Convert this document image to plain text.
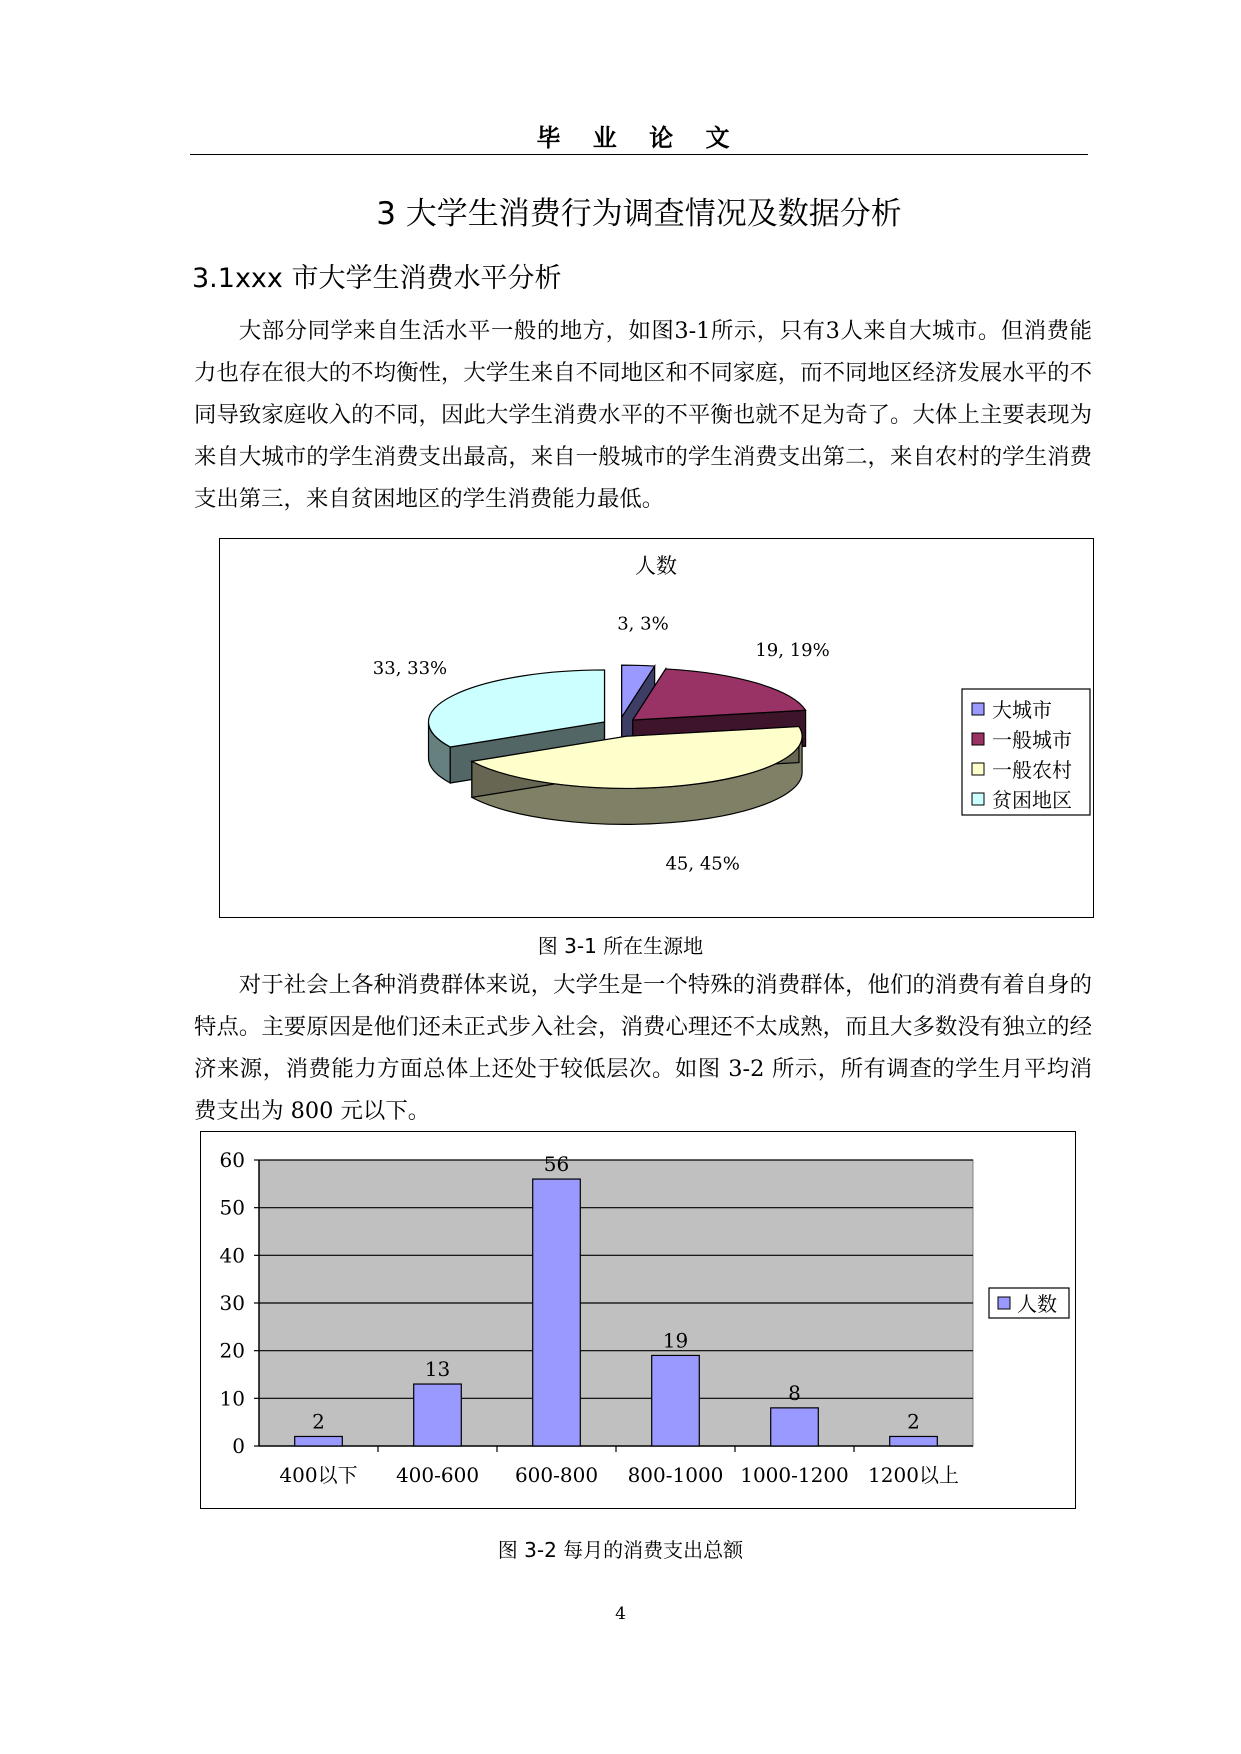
毕 业 论 文
3 大学生消费行为调查情况及数据分析
3.1xxx 市大学生消费水平分析

大部分同学来自生活水平一般的地方，如图3-1所示，只有3人来自大城市。但消费能力也存在很大的不均衡性，大学生来自不同地区和不同家庭，而不同地区经济发展水平的不同导致家庭收入的不同，因此大学生消费水平的不平衡也就不足为奇了。大体上主要表现为来自大城市的学生消费支出最高，来自一般城市的学生消费支出第二，来自农村的学生消费支出第三，来自贫困地区的学生消费能力最低。

人数
3, 3%
19, 19%
45, 45%
33, 33%
大城市
一般城市
一般农村
贫困地区
图 3-1 所在生源地

对于社会上各种消费群体来说，大学生是一个特殊的消费群体，他们的消费有着自身的特点。主要原因是他们还未正式步入社会，消费心理还不太成熟，而且大多数没有独立的经济来源，消费能力方面总体上还处于较低层次。如图 3-2 所示，所有调查的学生月平均消费支出为 800 元以下。

0
10
20
30
40
50
60
2
400以下
13
400-600
56
600-800
19
800-1000
8
1000-1200
2
1200以上
人数
图 3-2 每月的消费支出总额
4
